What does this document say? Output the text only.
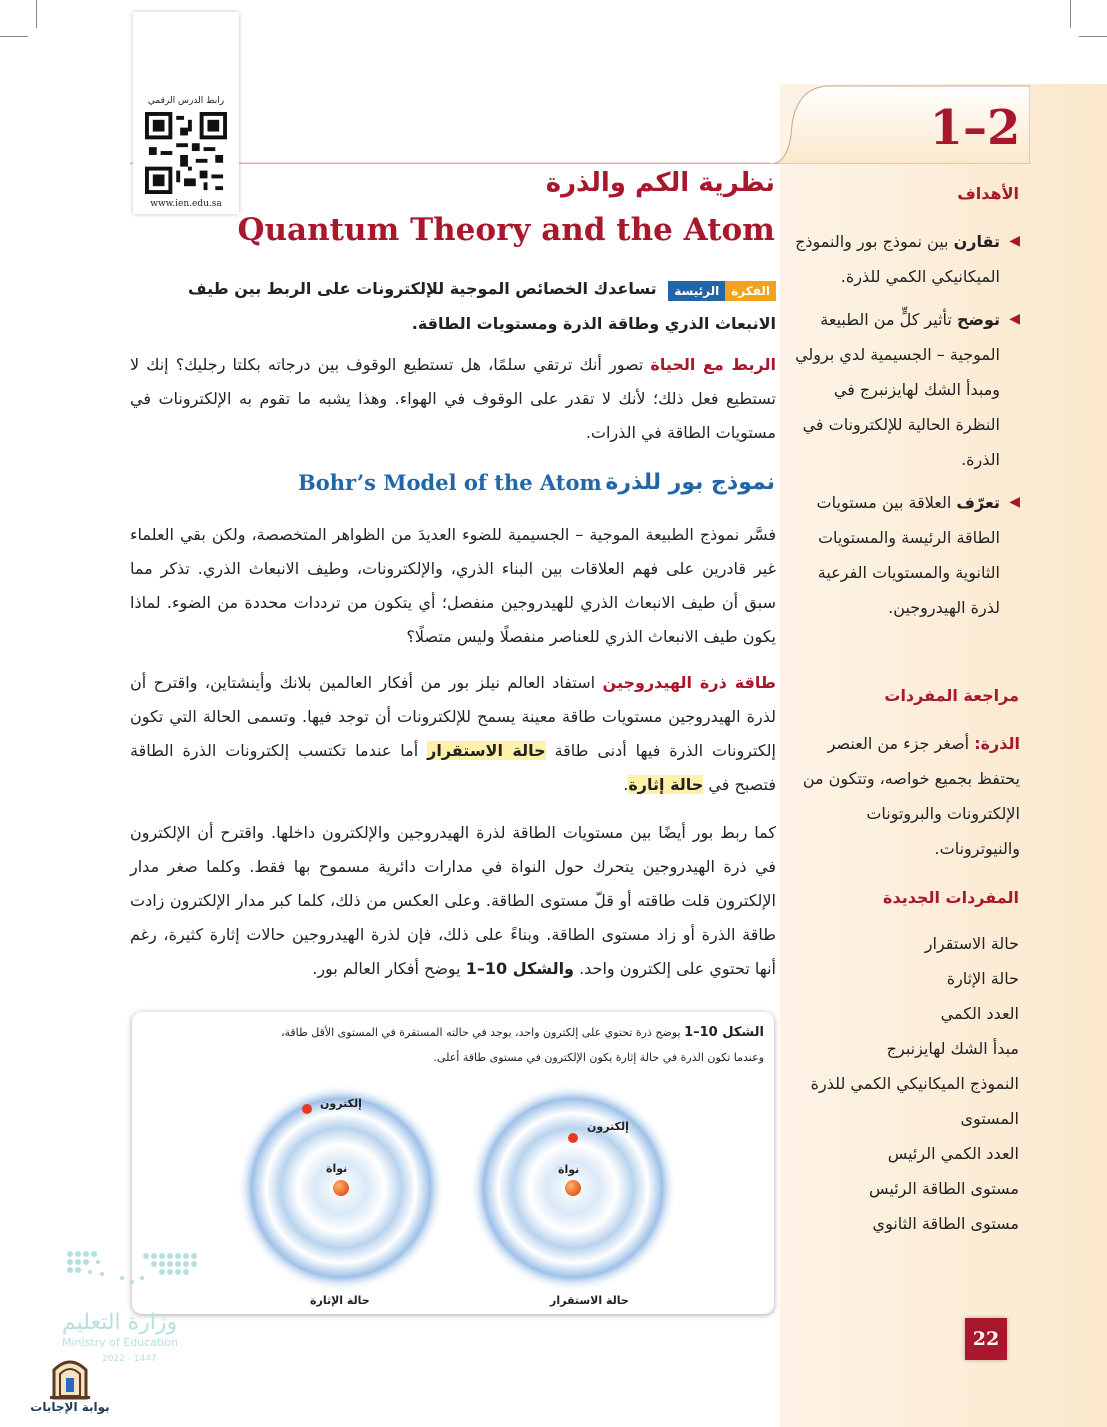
1–2
رابط الدرس الرقمي
www.ien.edu.sa
نظرية الكم والذرة
Quantum Theory and the Atom
الفكرةالرئيسة تساعدك الخصائص الموجية للإلكترونات على الربط بين طيف الانبعاث الذري وطاقة الذرة ومستويات الطاقة.
الربط مع الحياة تصور أنك ترتقي سلمًا، هل تستطيع الوقوف بين درجاته بكلتا رجليك؟ إنك لا تستطيع فعل ذلك؛ لأنك لا تقدر على الوقوف في الهواء. وهذا يشبه ما تقوم به الإلكترونات في مستويات الطاقة في الذرات.
نموذج بور للذرة
Bohr’s Model of the Atom
فسَّر نموذج الطبيعة الموجية – الجسيمية للضوء العديدَ من الظواهر المتخصصة، ولكن بقي العلماء غير قادرين على فهم العلاقات بين البناء الذري، والإلكترونات، وطيف الانبعاث الذري. تذكر مما سبق أن طيف الانبعاث الذري للهيدروجين منفصل؛ أي يتكون من ترددات محددة من الضوء. لماذا يكون طيف الانبعاث الذري للعناصر منفصلًا وليس متصلًا؟
طاقة ذرة الهيدروجين استفاد العالم نيلز بور من أفكار العالمين بلانك وأينشتاين، واقترح أن لذرة الهيدروجين مستويات طاقة معينة يسمح للإلكترونات أن توجد فيها. وتسمى الحالة التي تكون إلكترونات الذرة فيها أدنى طاقة حالة الاستقرار أما عندما تكتسب إلكترونات الذرة الطاقة فتصبح في حالة إثارة.
كما ربط بور أيضًا بين مستويات الطاقة لذرة الهيدروجين والإلكترون داخلها. واقترح أن الإلكترون في ذرة الهيدروجين يتحرك حول النواة في مدارات دائرية مسموح بها فقط. وكلما صغر مدار الإلكترون قلت طاقته أو قلّ مستوى الطاقة. وعلى العكس من ذلك، كلما كبر مدار الإلكترون زادت طاقة الذرة أو زاد مستوى الطاقة. وبناءً على ذلك، فإن لذرة الهيدروجين حالات إثارة كثيرة، رغم أنها تحتوي على إلكترون واحد. والشكل 10–1 يوضح أفكار العالم بور.
الأهداف
◀
تقارن بين نموذج بور والنموذج الميكانيكي الكمي للذرة.
◀
توضح تأثير كلٍّ من الطبيعة الموجية – الجسيمية لدي برولي ومبدأ الشك لهايزنبرج في النظرة الحالية للإلكترونات في الذرة.
◀
تعرّف العلاقة بين مستويات الطاقة الرئيسة والمستويات الثانوية والمستويات الفرعية لذرة الهيدروجين.
مراجعة المفردات
الذرة: أصغر جزء من العنصر يحتفظ بجميع خواصه، وتتكون من الإلكترونات والبروتونات والنيوترونات.
المفردات الجديدة
حالة الاستقرار
حالة الإثارة
العدد الكمي
مبدأ الشك لهايزنبرج
النموذج الميكانيكي الكمي للذرة
المستوى
العدد الكمي الرئيس
مستوى الطاقة الرئيس
مستوى الطاقة الثانوي
الشكل 10–1 يوضح ذرة تحتوي على إلكترون واحد، يوجد في حالته المستقرة في المستوى الأقل طاقة،
وعندما تكون الذرة في حالة إثارة يكون الإلكترون في مستوى طاقة أعلى.
إلكترون
نواة
حالة الإثارة
إلكترون
نواة
حالة الاستقرار
22
وزارة التعليم
Ministry of Education
2022 - 1447
بوابة الإجابات
